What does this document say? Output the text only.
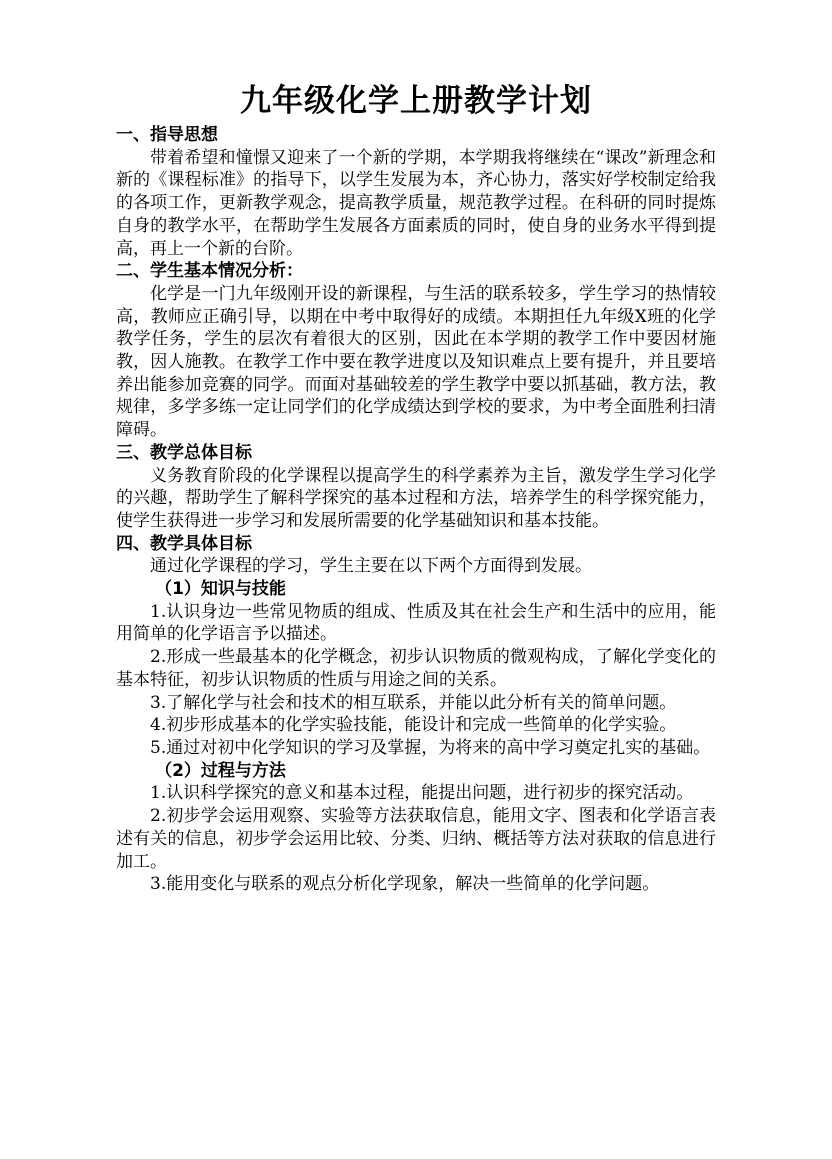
九年级化学上册教学计划
一、指导思想
带着希望和憧憬又迎来了一个新的学期，本学期我将继续在“课改”新理念和新的《课程标准》的指导下，以学生发展为本，齐心协力，落实好学校制定给我的各项工作，更新教学观念，提高教学质量，规范教学过程。在科研的同时提炼自身的教学水平，在帮助学生发展各方面素质的同时，使自身的业务水平得到提高，再上一个新的台阶。
二、学生基本情况分析：
化学是一门九年级刚开设的新课程，与生活的联系较多，学生学习的热情较高，教师应正确引导，以期在中考中取得好的成绩。本期担任九年级X班的化学教学任务，学生的层次有着很大的区别，因此在本学期的教学工作中要因材施教，因人施教。在教学工作中要在教学进度以及知识难点上要有提升，并且要培养出能参加竞赛的同学。而面对基础较差的学生教学中要以抓基础，教方法，教规律，多学多练一定让同学们的化学成绩达到学校的要求，为中考全面胜利扫清障碍。
三、教学总体目标
义务教育阶段的化学课程以提高学生的科学素养为主旨，激发学生学习化学的兴趣，帮助学生了解科学探究的基本过程和方法，培养学生的科学探究能力，使学生获得进一步学习和发展所需要的化学基础知识和基本技能。
四、教学具体目标
通过化学课程的学习，学生主要在以下两个方面得到发展。
（1）知识与技能
1.认识身边一些常见物质的组成、性质及其在社会生产和生活中的应用，能用简单的化学语言予以描述。
2.形成一些最基本的化学概念，初步认识物质的微观构成，了解化学变化的基本特征，初步认识物质的性质与用途之间的关系。
3.了解化学与社会和技术的相互联系，并能以此分析有关的简单问题。
4.初步形成基本的化学实验技能，能设计和完成一些简单的化学实验。
5.通过对初中化学知识的学习及掌握，为将来的高中学习奠定扎实的基础。
（2）过程与方法
1.认识科学探究的意义和基本过程，能提出问题，进行初步的探究活动。
2.初步学会运用观察、实验等方法获取信息，能用文字、图表和化学语言表述有关的信息，初步学会运用比较、分类、归纳、概括等方法对获取的信息进行加工。
3.能用变化与联系的观点分析化学现象，解决一些简单的化学问题。
